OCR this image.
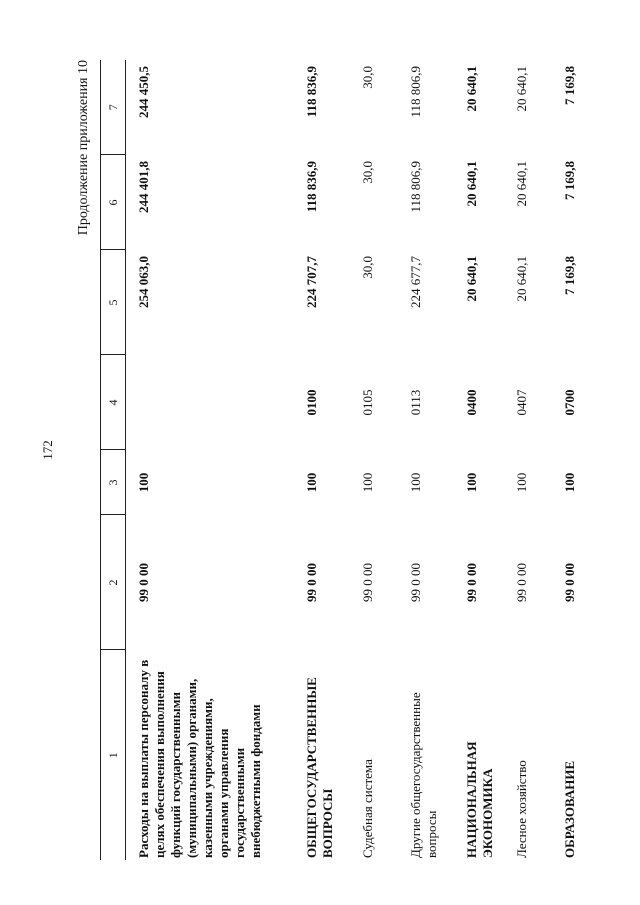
172
Продолжение приложения 10
1	2	3	4	5	6	7
Расходы на выплаты персоналу в целях обеспечения выполнения функций государственными (муниципальными) органами, казенными учреждениями, органами управления государственными внебюджетными фондами	99 0 00	100		254 063,0	244 401,8	244 450,5
ОБЩЕГОСУДАРСТВЕННЫЕ ВОПРОСЫ	99 0 00	100	0100	224 707,7	118 836,9	118 836,9
Судебная система	99 0 00	100	0105	30,0	30,0	30,0
Другие общегосударственные вопросы	99 0 00	100	0113	224 677,7	118 806,9	118 806,9
НАЦИОНАЛЬНАЯ ЭКОНОМИКА	99 0 00	100	0400	20 640,1	20 640,1	20 640,1
Лесное хозяйство	99 0 00	100	0407	20 640,1	20 640,1	20 640,1
ОБРАЗОВАНИЕ	99 0 00	100	0700	7 169,8	7 169,8	7 169,8
